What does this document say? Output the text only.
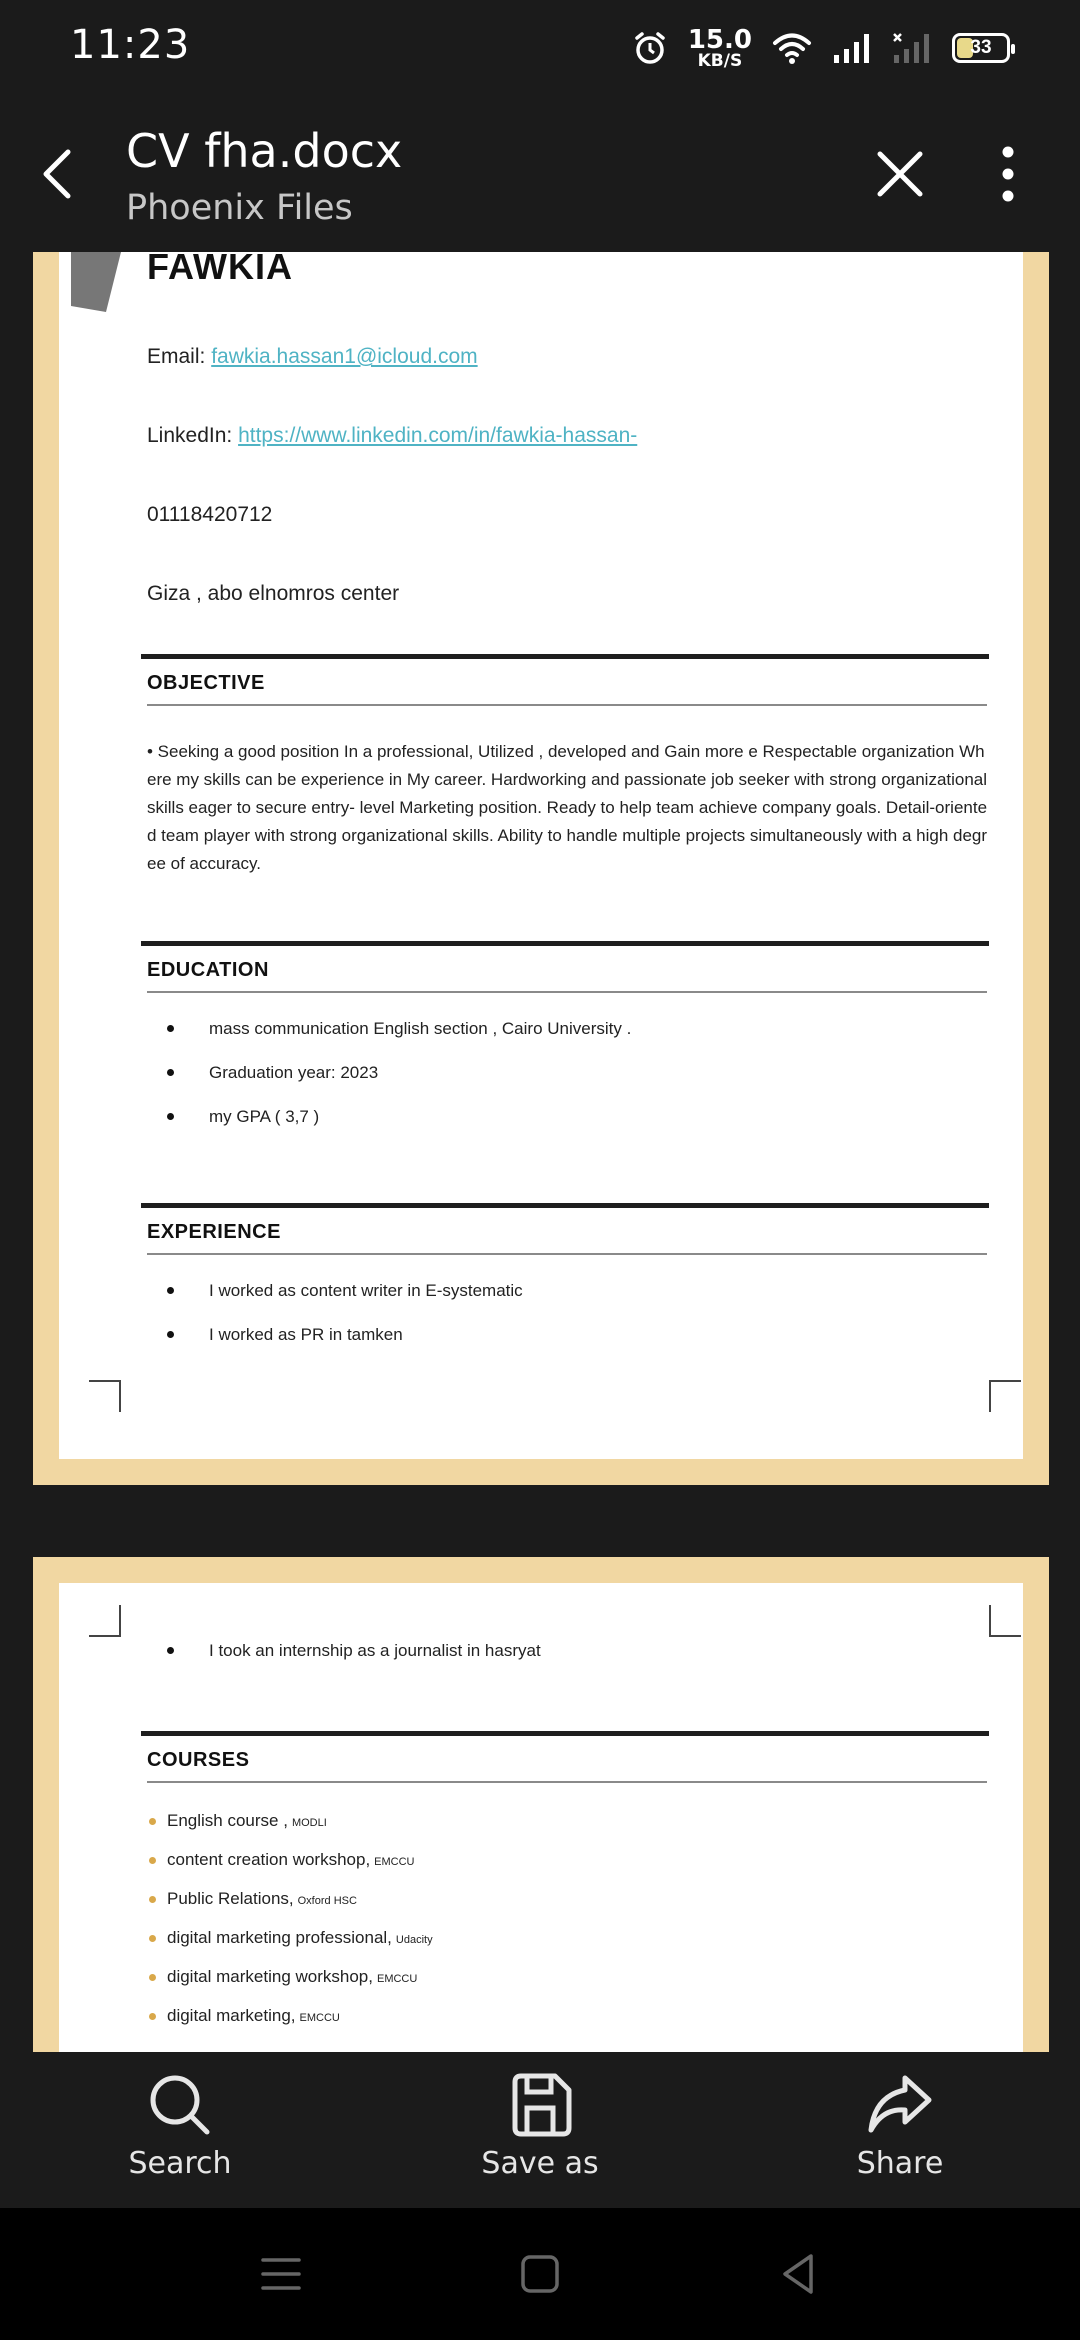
11:23	15.0
KB/S
33
CV fha.docx
Phoenix Files
FAWKIA
Email: fawkia.hassan1@icloud.com
LinkedIn: https://www.linkedin.com/in/fawkia-hassan-
01118420712
Giza , abo elnomros center
OBJECTIVE
• Seeking a good position In a professional, Utilized , developed and Gain more e Respectable organization Where my skills can be experience in My career. Hardworking and passionate job seeker with strong organizational skills eager to secure entry- level Marketing position. Ready to help team achieve company goals. Detail-oriented team player with strong organizational skills. Ability to handle multiple projects simultaneously with a high degree of accuracy.
EDUCATION
mass communication English section , Cairo University .
Graduation year: 2023
my GPA ( 3,7 )
EXPERIENCE
I worked as content writer in E-systematic
I worked as PR in tamken
I took an internship as a journalist in hasryat
COURSES
English course , MODLI
content creation workshop, EMCCU
Public Relations, Oxford HSC
digital marketing professional, Udacity
digital marketing workshop, EMCCU
digital marketing, EMCCU
Search	Save as	Share
